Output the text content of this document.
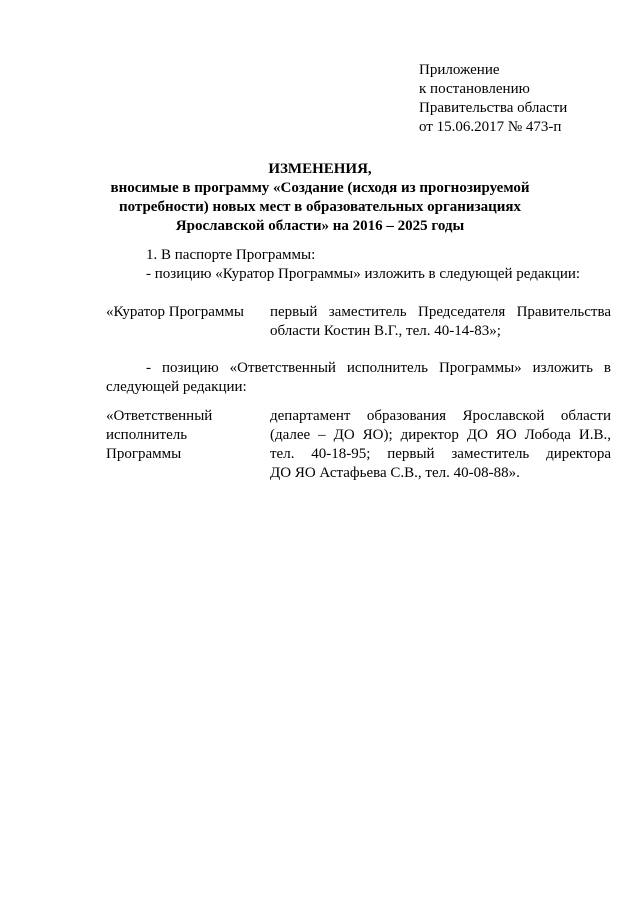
Приложение
к постановлению
Правительства области
от 15.06.2017 № 473-п
ИЗМЕНЕНИЯ,
вносимые в программу «Создание (исходя из прогнозируемой
потребности) новых мест в образовательных организациях
Ярославской области» на 2016 – 2025 годы
1. В паспорте Программы:
- позицию «Куратор Программы» изложить в следующей редакции:
«Куратор Программы первый заместитель Председателя Правительства
области Костин В.Г., тел. 40-14-83»;
- позицию «Ответственный исполнитель Программы» изложить в
следующей редакции:
«Ответственный
исполнитель
Программы
департамент образования Ярославской области
(далее – ДО ЯО); директор ДО ЯО Лобода И.В.,
тел. 40-18-95; первый заместитель директора
ДО ЯО Астафьева С.В., тел. 40-08-88».
